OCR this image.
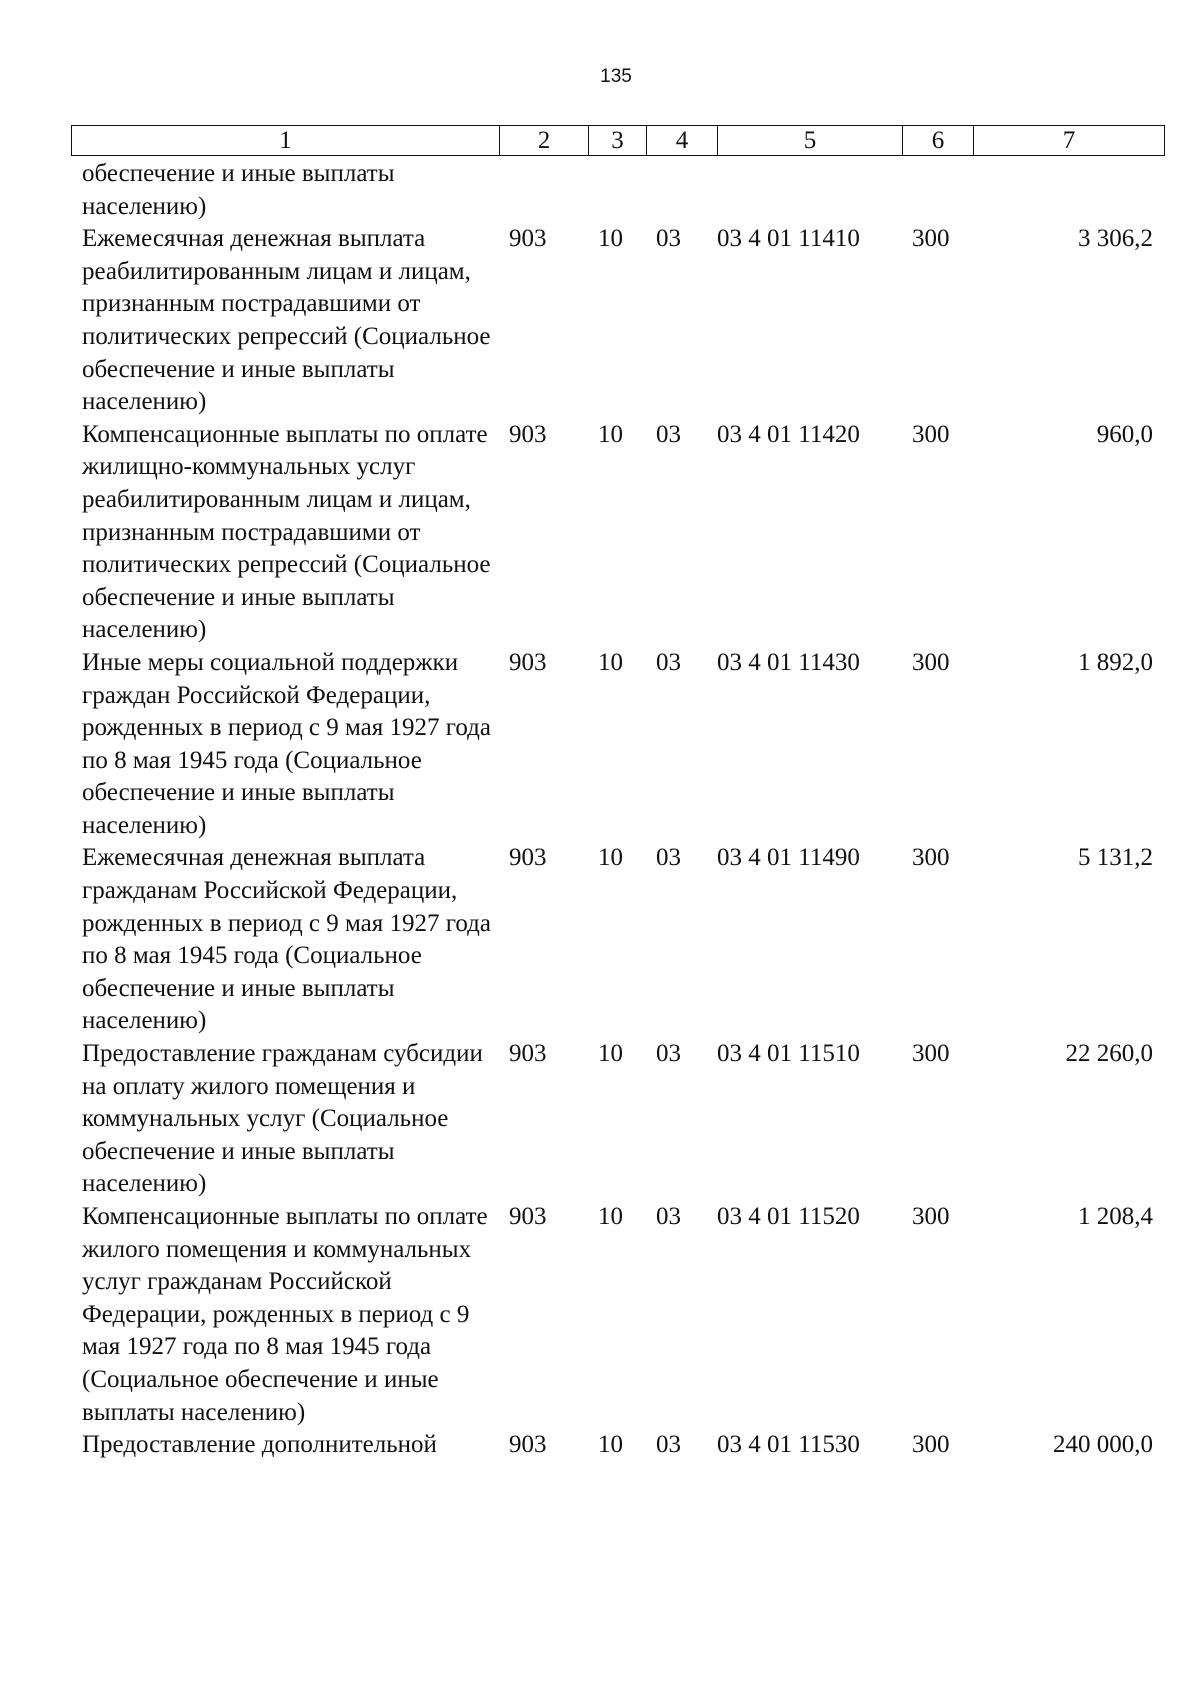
135
1	2	3	4	5	6	7
обеспечение и иные выплаты населению)						
Ежемесячная денежная выплата реабилитированным лицам и лицам, признанным пострадавшими от политических репрессий (Социальное обеспечение и иные выплаты населению)	903	10	03	03 4 01 11410	300	3 306,2
Компенсационные выплаты по оплате жилищно-коммунальных услуг реабилитированным лицам и лицам, признанным пострадавшими от политических репрессий (Социальное обеспечение и иные выплаты населению)	903	10	03	03 4 01 11420	300	960,0
Иные меры социальной поддержки граждан Российской Федерации, рожденных в период с 9 мая 1927 года по 8 мая 1945 года (Социальное обеспечение и иные выплаты населению)	903	10	03	03 4 01 11430	300	1 892,0
Ежемесячная денежная выплата гражданам Российской Федерации, рожденных в период с 9 мая 1927 года по 8 мая 1945 года (Социальное обеспечение и иные выплаты населению)	903	10	03	03 4 01 11490	300	5 131,2
Предоставление гражданам субсидии на оплату жилого помещения и коммунальных услуг (Социальное обеспечение и иные выплаты населению)	903	10	03	03 4 01 11510	300	22 260,0
Компенсационные выплаты по оплате жилого помещения и коммунальных услуг гражданам Российской Федерации, рожденных в период с 9 мая 1927 года по 8 мая 1945 года (Социальное обеспечение и иные выплаты населению)	903	10	03	03 4 01 11520	300	1 208,4
Предоставление дополнительной	903	10	03	03 4 01 11530	300	240 000,0
